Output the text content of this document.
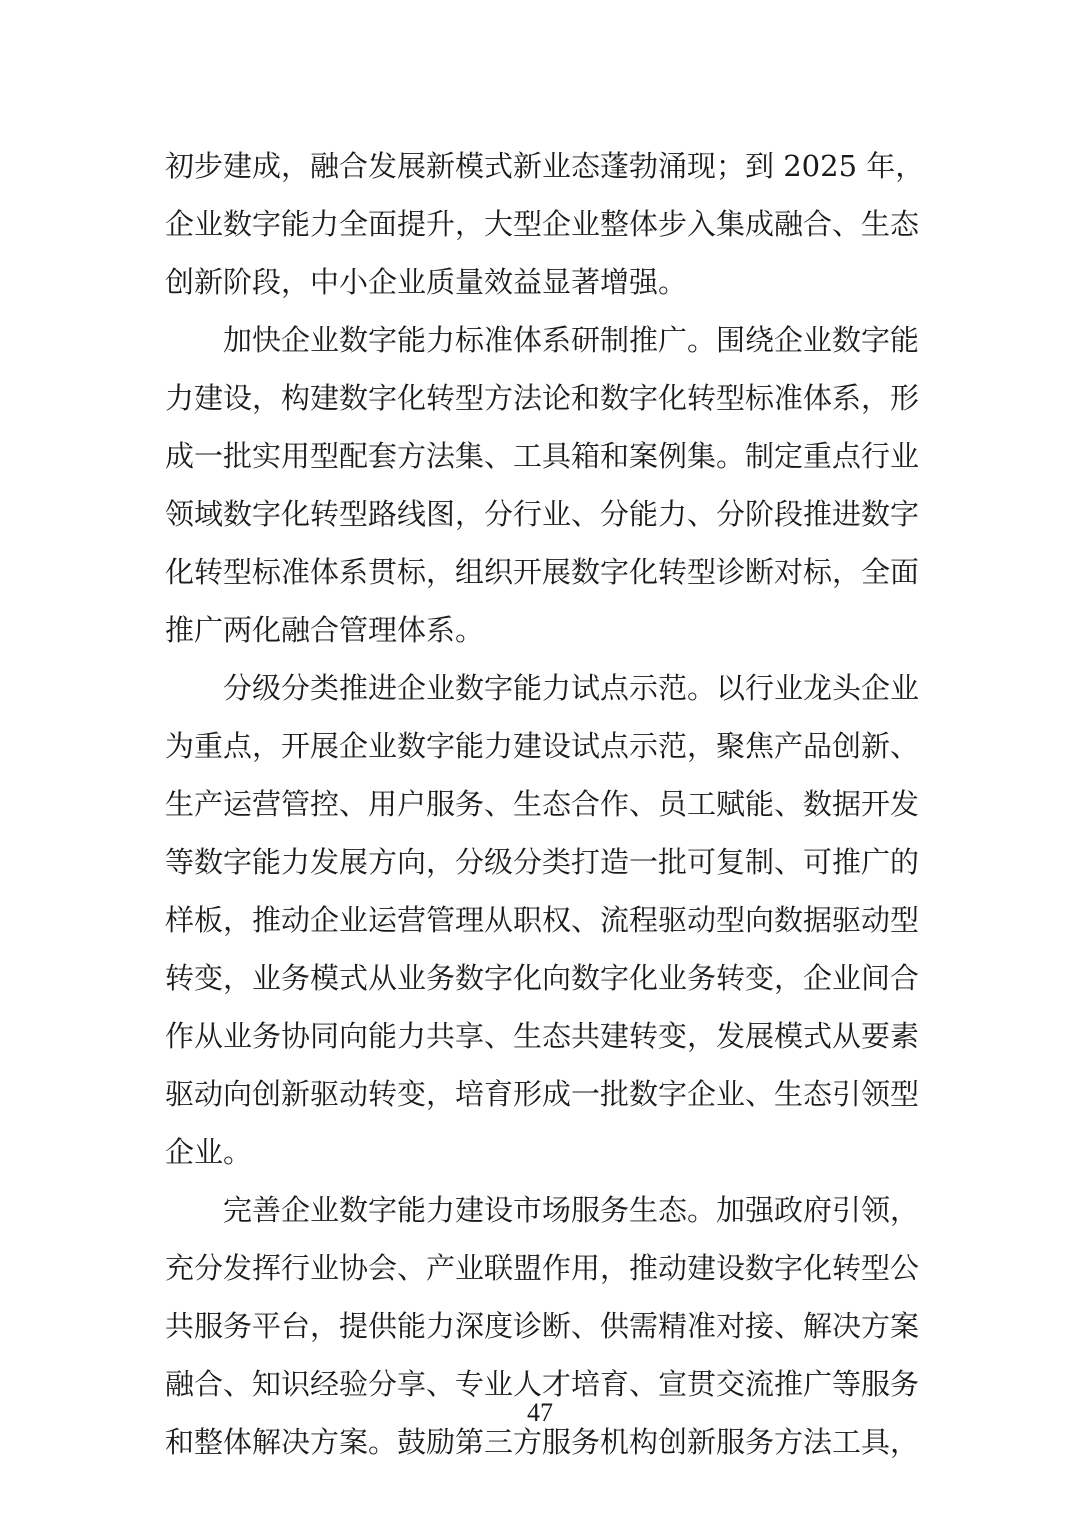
初步建成，融合发展新模式新业态蓬勃涌现；到 2025 年，
企业数字能力全面提升，大型企业整体步入集成融合、生态
创新阶段，中小企业质量效益显著增强。
　　加快企业数字能力标准体系研制推广。围绕企业数字能
力建设，构建数字化转型方法论和数字化转型标准体系，形
成一批实用型配套方法集、工具箱和案例集。制定重点行业
领域数字化转型路线图，分行业、分能力、分阶段推进数字
化转型标准体系贯标，组织开展数字化转型诊断对标，全面
推广两化融合管理体系。
　　分级分类推进企业数字能力试点示范。以行业龙头企业
为重点，开展企业数字能力建设试点示范，聚焦产品创新、
生产运营管控、用户服务、生态合作、员工赋能、数据开发
等数字能力发展方向，分级分类打造一批可复制、可推广的
样板，推动企业运营管理从职权、流程驱动型向数据驱动型
转变，业务模式从业务数字化向数字化业务转变，企业间合
作从业务协同向能力共享、生态共建转变，发展模式从要素
驱动向创新驱动转变，培育形成一批数字企业、生态引领型
企业。
　　完善企业数字能力建设市场服务生态。加强政府引领，
充分发挥行业协会、产业联盟作用，推动建设数字化转型公
共服务平台，提供能力深度诊断、供需精准对接、解决方案
融合、知识经验分享、专业人才培育、宣贯交流推广等服务
和整体解决方案。鼓励第三方服务机构创新服务方法工具，
47
